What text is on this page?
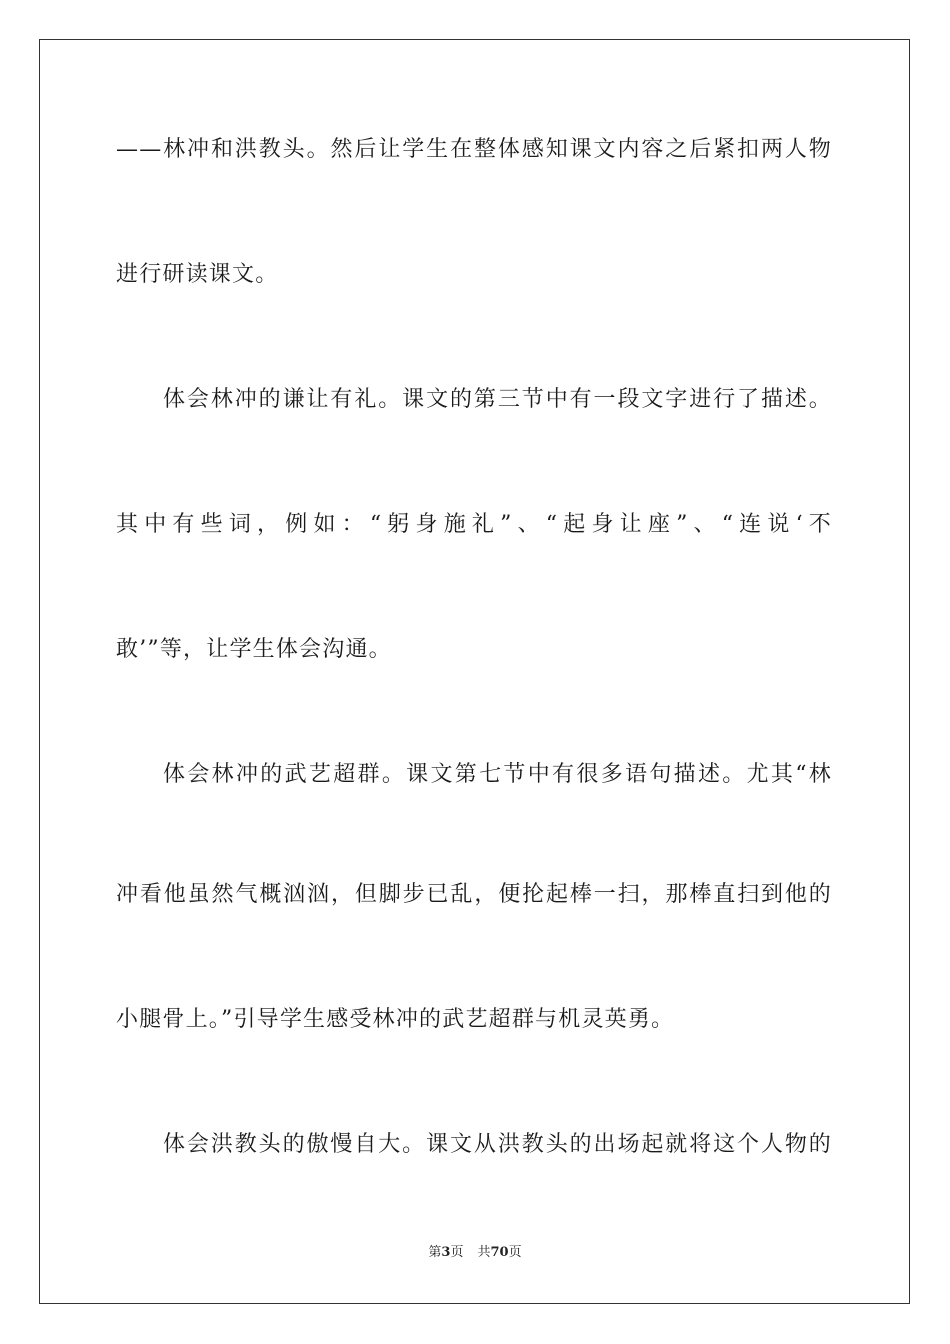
——林冲和洪教头。然后让学生在整体感知课文内容之后紧扣两人物
进行研读课文。
体会林冲的谦让有礼。课文的第三节中有一段文字进行了描述。
其中有些词，例如：“躬身施礼”、“起身让座”、“连说‘不
敢’”等，让学生体会沟通。
体会林冲的武艺超群。课文第七节中有很多语句描述。尤其“林
冲看他虽然气概汹汹，但脚步已乱，便抡起棒一扫，那棒直扫到他的
小腿骨上。”引导学生感受林冲的武艺超群与机灵英勇。
体会洪教头的傲慢自大。课文从洪教头的出场起就将这个人物的
第3页 共70页
